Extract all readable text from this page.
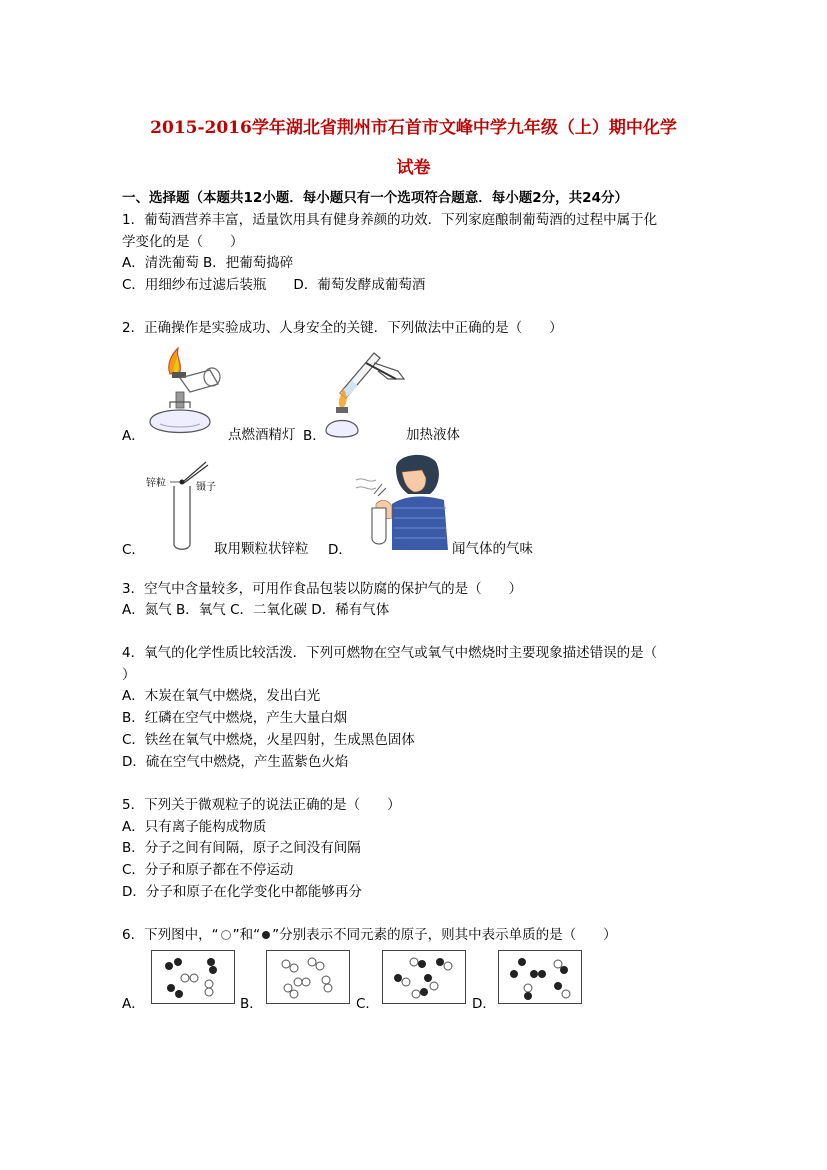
2015-2016学年湖北省荆州市石首市文峰中学九年级（上）期中化学
试卷
一、选择题（本题共12小题．每小题只有一个选项符合题意．每小题2分，共24分）
1．葡萄酒营养丰富，适量饮用具有健身养颜的功效．下列家庭酿制葡萄酒的过程中属于化
学变化的是（　　）
A．清洗葡萄 B．把葡萄捣碎
C．用细纱布过滤后装瓶　　D．葡萄发酵成葡萄酒
2．正确操作是实验成功、人身安全的关键．下列做法中正确的是（　　）
A．	点燃酒精灯 B．	加热液体
锌粒	镊子
C．	取用颗粒状锌粒 D．	闻气体的气味
3．空气中含量较多，可用作食品包装以防腐的保护气的是（　　）
A．氮气 B．氧气 C．二氧化碳 D．稀有气体
4．氧气的化学性质比较活泼．下列可燃物在空气或氧气中燃烧时主要现象描述错误的是（
）
A．木炭在氧气中燃烧，发出白光
B．红磷在空气中燃烧，产生大量白烟
C．铁丝在氧气中燃烧，火星四射，生成黑色固体
D．硫在空气中燃烧，产生蓝紫色火焰
5．下列关于微观粒子的说法正确的是（　　）
A．只有离子能构成物质
B．分子之间有间隔，原子之间没有间隔
C．分子和原子都在不停运动
D．分子和原子在化学变化中都能够再分
6．下列图中，“ ”和“ ”分别表示不同元素的原子，则其中表示单质的是（　　）
A．	B．	C．	D．
